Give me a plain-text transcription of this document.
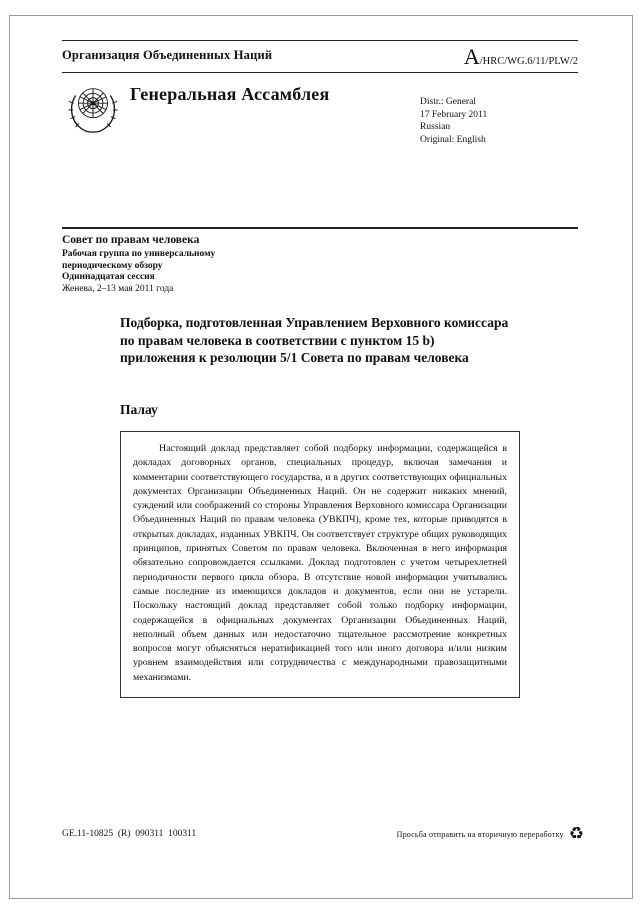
Организация Объединенных Наций	A/HRC/WG.6/11/PLW/2
Генеральная Ассамблея	Distr.: General
17 February 2011
Russian
Original: English
Совет по правам человека
Рабочая группа по универсальному
периодическому обзору
Одиннадцатая сессия
Женева, 2–13 мая 2011 года
Подборка, подготовленная Управлением Верховного комиссара по правам человека в соответствии с пунктом 15 b) приложения к резолюции 5/1 Совета по правам человека
Палау

Настоящий доклад представляет собой подборку информации, содержащейся в докладах договорных органов, специальных процедур, включая замечания и комментарии соответствующего государства, и в других соответствующих официальных документах Организации Объединенных Наций. Он не содержит никаких мнений, суждений или соображений со стороны Управления Верховного комиссара Организации Объединенных Наций по правам человека (УВКПЧ), кроме тех, которые приводятся в открытых докладах, изданных УВКПЧ. Он соответствует структуре общих руководящих принципов, принятых Советом по правам человека. Включенная в него информация обязательно сопровождается ссылками. Доклад подготовлен с учетом четырехлетней периодичности первого цикла обзора. В отсутствие новой информации учитывались самые последние из имеющихся докладов и документов, если они не устарели. Поскольку настоящий доклад представляет собой только подборку информации, содержащейся в официальных документах Организации Объединенных Наций, неполный объем данных или недостаточно тщательное рассмотрение конкретных вопросов могут объясняться нератификацией того или иного договора и/или низким уровнем взаимодействия или сотрудничества с международными правозащитными механизмами.

GE.11-10825  (R)  090311  100311	Просьба отправить на вторичную переработку ♻
